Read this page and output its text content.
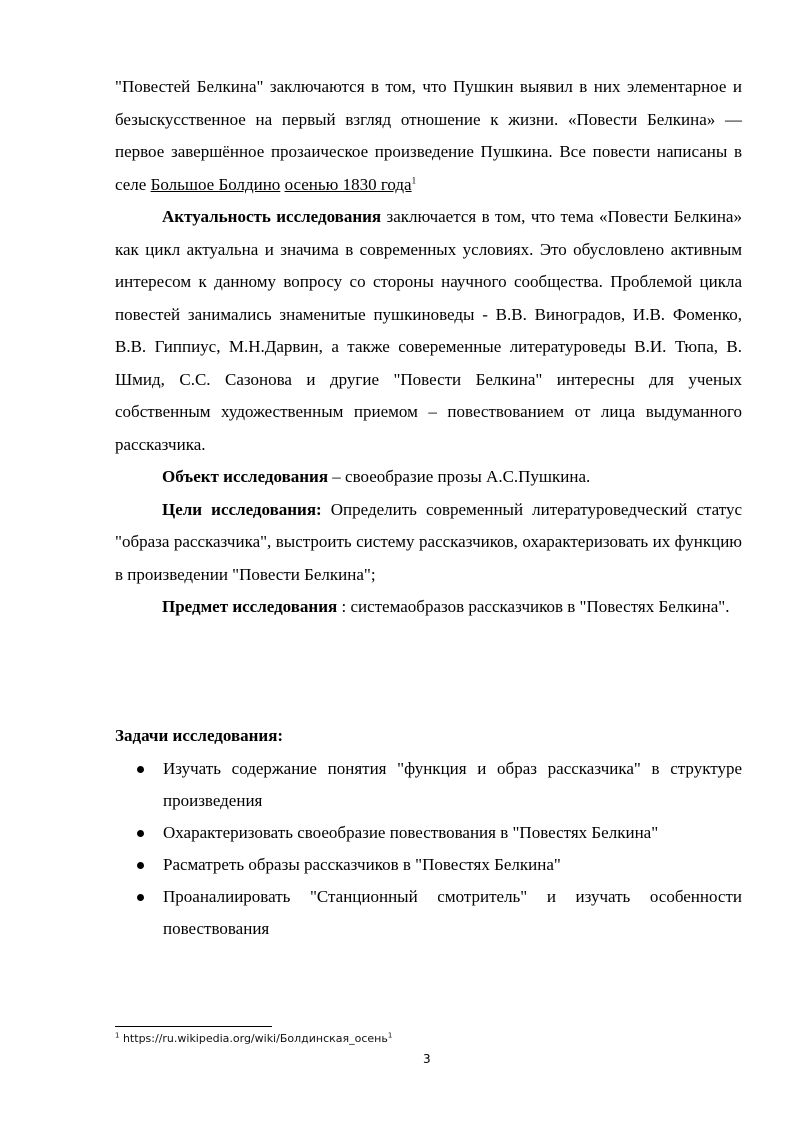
"Повестей Белкина" заключаются в том, что Пушкин выявил в них элементарное и безыскусственное на первый взгляд отношение к жизни. «Повести Белкина» — первое завершённое прозаическое произведение Пушкина. Все повести написаны в селе Большое Болдино осенью 1830 года$^1$

Актуальность исследования заключается в том, что тема «Повести Белкина» как цикл актуальна и значима в современных условиях. Это обусловлено активным интересом к данному вопросу со стороны научного сообщества. Проблемой цикла повестей занимались знаменитые пушкиноведы - В.В. Виноградов, И.В. Фоменко, В.В. Гиппиус, М.Н.Дарвин, а также совеременные литературоведы В.И. Тюпа, В. Шмид, С.С. Сазонова и другие "Повести Белкина" интересны для ученых собственным художественным приемом – повествованием от лица выдуманного рассказчика.

Объект исследования – своеобразие прозы А.С.Пушкина.

Цели исследования: Определить современный литературоведческий статус "образа рассказчика", выстроить систему рассказчиков, охарактеризовать их функцию в произведении "Повести Белкина";

Предмет исследования : системаобразов рассказчиков в "Повестях Белкина".

Задачи исследования:
Изучать содержание понятия "функция и образ рассказчика" в структуре произведения
Охарактеризовать своеобразие повествования в "Повестях Белкина"
Расматреть образы рассказчиков в "Повестях Белкина"
Проаналиировать "Станционный смотритель" и изучать особенности повествования
$^1$ https://ru.wikipedia.org/wiki/Болдинская_осень$^1$
3
